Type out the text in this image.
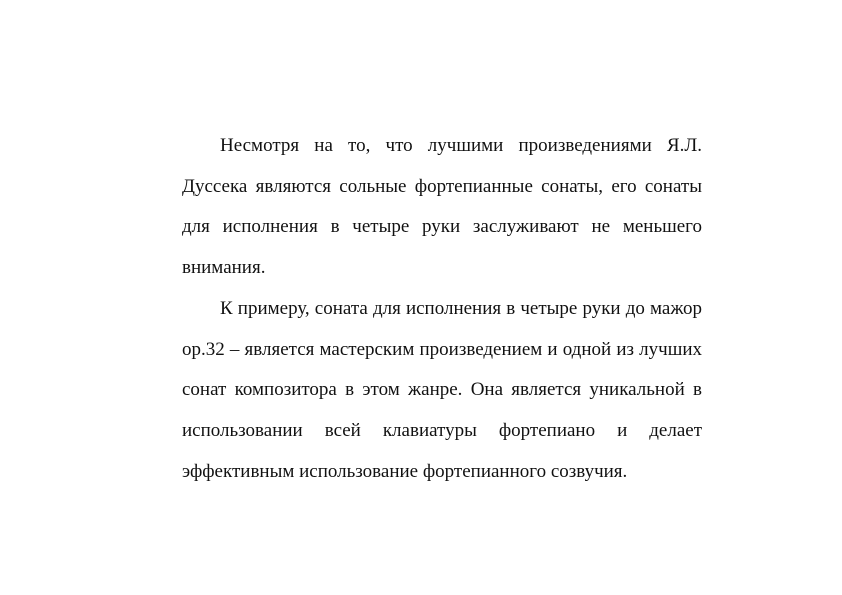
Несмотря на то, что лучшими произведениями Я.Л. Дуссека являются сольные фортепианные сонаты, его сонаты для исполнения в четыре руки заслуживают не меньшего внимания.

К примеру, соната для исполнения в четыре руки до мажор op.32 – является мастерским произведением и одной из лучших сонат композитора в этом жанре. Она является уникальной в использовании всей клавиатуры фортепиано и делает эффективным использование фортепианного созвучия.
